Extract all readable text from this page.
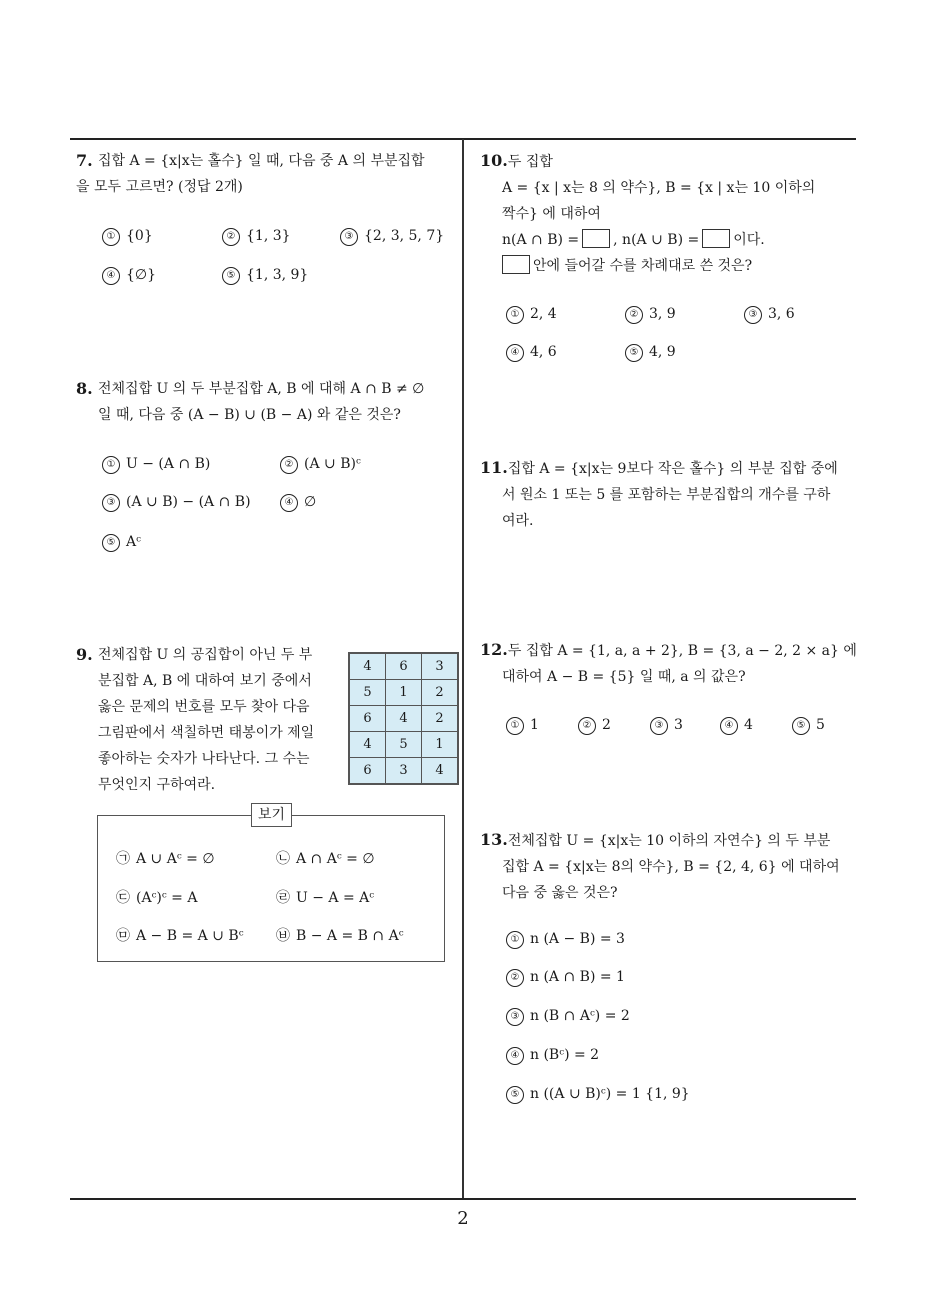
2
7. 집합 A = {x|x는 홀수} 일 때, 다음 중 A 의 부분집합
을 모두 고르면? (정답 2개)
① {0}	② {1, 3}	③ {2, 3, 5, 7}
④ {∅}	⑤ {1, 3, 9}
8. 전체집합 U 의 두 부분집합 A, B 에 대해 A ∩ B ≠ ∅
일 때, 다음 중 (A − B) ∪ (B − A) 와 같은 것은?
① U − (A ∩ B)	② (A ∪ B)ᶜ
③ (A ∪ B) − (A ∩ B)	④ ∅
⑤ Aᶜ
9. 전체집합 U 의 공집합이 아닌 두 부
분집합 A, B 에 대하여 보기 중에서
옳은 문제의 번호를 모두 찾아 다음
그림판에서 색칠하면 태봉이가 제일
좋아하는 숫자가 나타난다. 그 수는
무엇인지 구하여라.
4	6	3
5	1	2
6	4	2
4	5	1
6	3	4
보기
㉠ A ∪ Aᶜ = ∅	㉡ A ∩ Aᶜ = ∅
㉢ (Aᶜ)ᶜ = A	㉣ U − A = Aᶜ
㉤ A − B = A ∪ Bᶜ ㉥ B − A = B ∩ Aᶜ
10.두 집합
A = {x | x는 8 의 약수}, B = {x | x는 10 이하의
짝수} 에 대하여
n(A ∩ B) = , n(A ∪ B) = 이다.
안에 들어갈 수를 차례대로 쓴 것은?
① 2, 4	② 3, 9	③ 3, 6
④ 4, 6	⑤ 4, 9
11.집합 A = {x|x는 9보다 작은 홀수} 의 부분 집합 중에
서 원소 1 또는 5 를 포함하는 부분집합의 개수를 구하
여라.
12.두 집합 A = {1, a, a + 2}, B = {3, a − 2, 2 × a} 에
대하여 A − B = {5} 일 때, a 의 값은?
① 1	② 2	③ 3	④ 4	⑤ 5
13.전체집합 U = {x|x는 10 이하의 자연수} 의 두 부분
집합 A = {x|x는 8의 약수}, B = {2, 4, 6} 에 대하여
다음 중 옳은 것은?
① n (A − B) = 3
② n (A ∩ B) = 1
③ n (B ∩ Aᶜ) = 2
④ n (Bᶜ) = 2
⑤ n ((A ∪ B)ᶜ) = 1 {1, 9}
